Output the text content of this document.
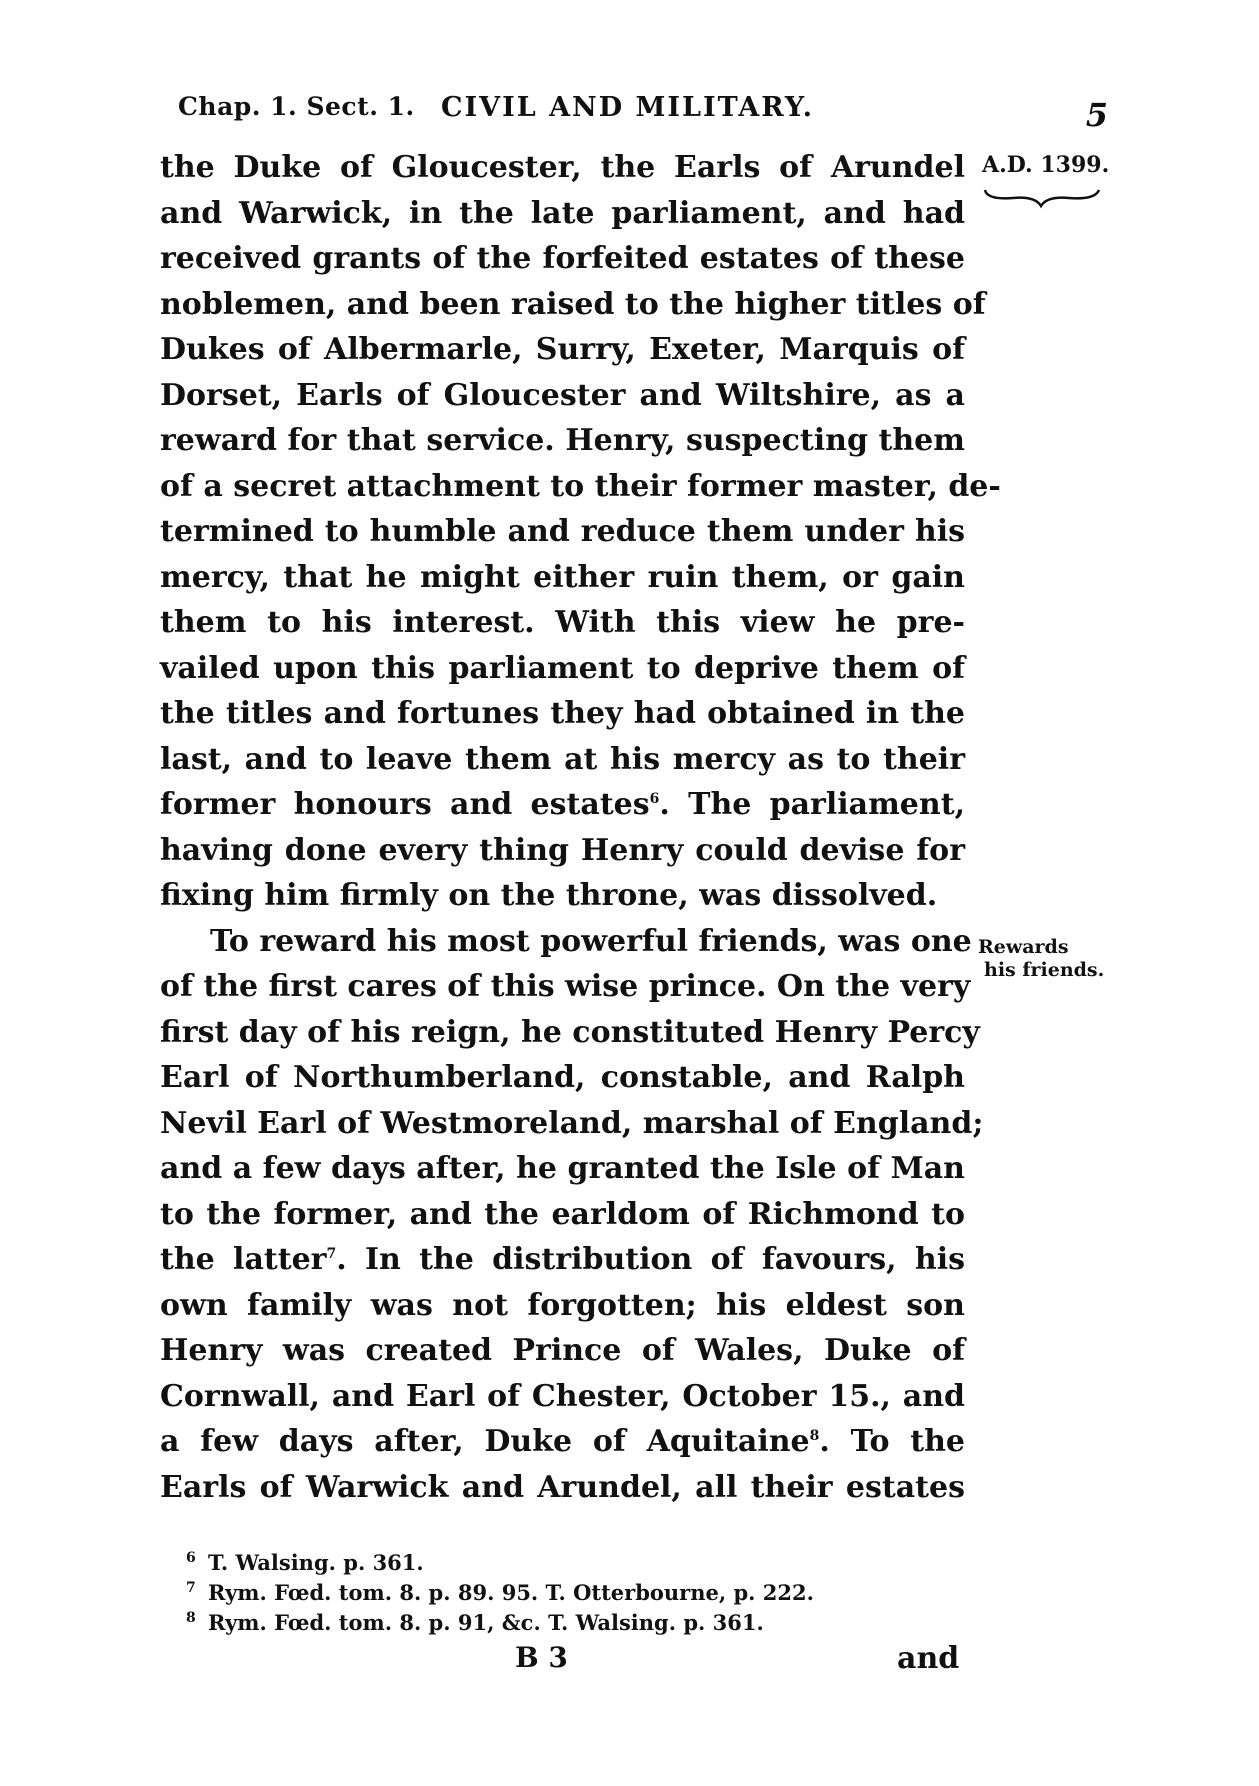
Chap. 1. Sect. 1. CIVIL AND MILITARY.	5
A.D. 1399.
Rewards
his friends.
the Duke of Gloucester, the Earls of Arundel
and Warwick, in the late parliament, and had
received grants of the forfeited estates of these
noblemen, and been raised to the higher titles of
Dukes of Albermarle, Surry, Exeter, Marquis of
Dorset, Earls of Gloucester and Wiltshire, as a
reward for that service. Henry, suspecting them
of a secret attachment to their former master, de-
termined to humble and reduce them under his
mercy, that he might either ruin them, or gain
them to his interest. With this view he pre-
vailed upon this parliament to deprive them of
the titles and fortunes they had obtained in the
last, and to leave them at his mercy as to their
former honours and estates$^6$. The parliament,
having done every thing Henry could devise for
fixing him firmly on the throne, was dissolved.
To reward his most powerful friends, was one
of the first cares of this wise prince. On the very
first day of his reign, he constituted Henry Percy
Earl of Northumberland, constable, and Ralph
Nevil Earl of Westmoreland, marshal of England;
and a few days after, he granted the Isle of Man
to the former, and the earldom of Richmond to
the latter$^7$. In the distribution of favours, his
own family was not forgotten; his eldest son
Henry was created Prince of Wales, Duke of
Cornwall, and Earl of Chester, October 15., and
a few days after, Duke of Aquitaine$^8$. To the
Earls of Warwick and Arundel, all their estates
6 T. Walsing. p. 361.
7 Rym. Fœd. tom. 8. p. 89. 95. T. Otterbourne, p. 222.
8 Rym. Fœd. tom. 8. p. 91, &c. T. Walsing. p. 361.
B 3	and
